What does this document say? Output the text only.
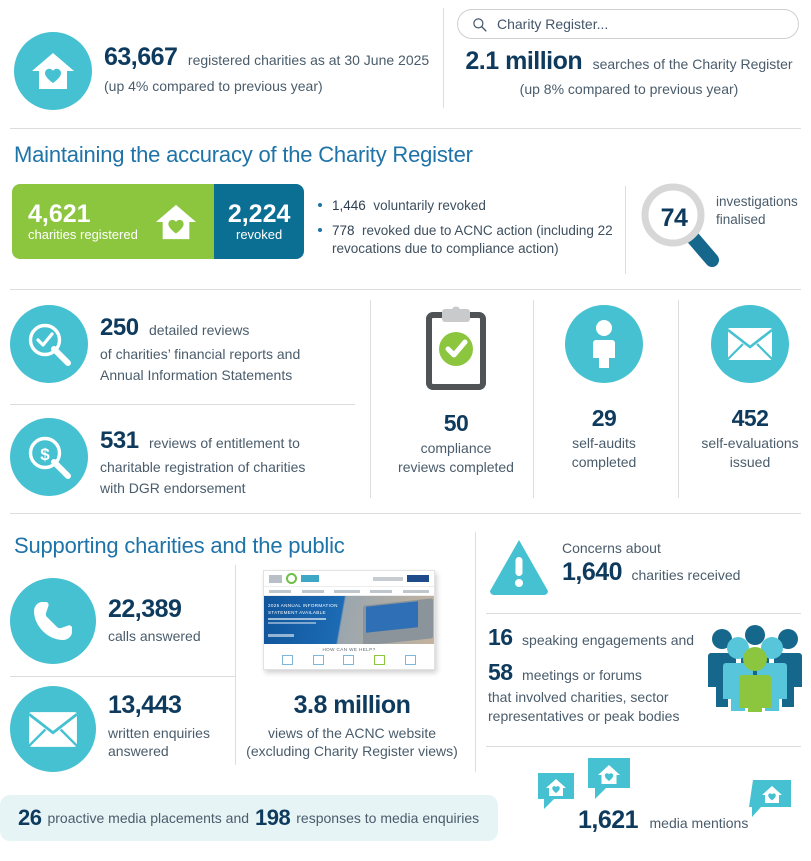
63,667 registered charities as at 30 June 2025
(up 4% compared to previous year)
Charity Register...
2.1 million searches of the Charity Register
(up 8% compared to previous year)
Maintaining the accuracy of the Charity Register
4,621
charities registered
2,224
revoked
1,446 voluntarily revoked
778 revoked due to ACNC action (including 22 revocations due to compliance action)
74
investigations
finalised
250 detailed reviews
of charities’ financial reports and
Annual Information Statements
$
531 reviews of entitlement to
charitable registration of charities
with DGR endorsement
50
compliance
reviews completed
29
self-audits
completed
452
self-evaluations
issued
Supporting charities and the public
22,389
calls answered
13,443
written enquiries
answered
2025 ANNUAL INFORMATION
STATEMENT AVAILABLE
HOW CAN WE HELP?
3.8 million
views of the ACNC website
(excluding Charity Register views)
Concerns about
1,640 charities received
16 speaking engagements and
58 meetings or forums
that involved charities, sector
representatives or peak bodies
26 proactive media placements and 198 responses to media enquiries	1,621 media mentions
